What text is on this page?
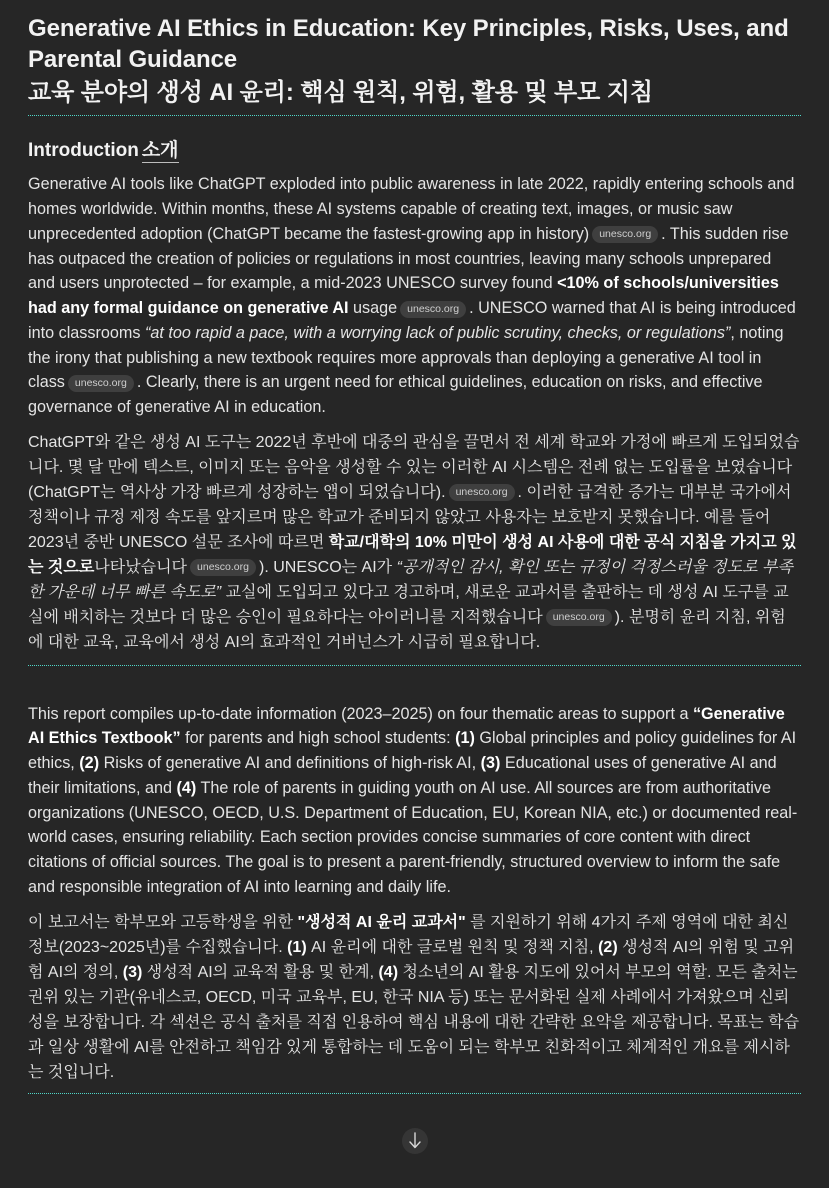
Generative AI Ethics in Education: Key Principles, Risks, Uses, and Parental Guidance
교육 분야의 생성 AI 윤리: 핵심 원칙, 위험, 활용 및 부모 지침
Introduction 소개

Generative AI tools like ChatGPT exploded into public awareness in late 2022, rapidly entering schools and homes worldwide. Within months, these AI systems capable of creating text, images, or music saw unprecedented adoption (ChatGPT became the fastest-growing app in history) unesco.org . This sudden rise has outpaced the creation of policies or regulations in most countries, leaving many schools unprepared and users unprotected – for example, a mid-2023 UNESCO survey found <10% of schools/universities had any formal guidance on generative AI usage unesco.org . UNESCO warned that AI is being introduced into classrooms “at too rapid a pace, with a worrying lack of public scrutiny, checks, or regulations”, noting the irony that publishing a new textbook requires more approvals than deploying a generative AI tool in class unesco.org . Clearly, there is an urgent need for ethical guidelines, education on risks, and effective governance of generative AI in education.

ChatGPT와 같은 생성 AI 도구는 2022년 후반에 대중의 관심을 끌면서 전 세계 학교와 가정에 빠르게 도입되었습니다. 몇 달 만에 텍스트, 이미지 또는 음악을 생성할 수 있는 이러한 AI 시스템은 전례 없는 도입률을 보였습니다(ChatGPT는 역사상 가장 빠르게 성장하는 앱이 되었습니다). unesco.org . 이러한 급격한 증가는 대부분 국가에서 정책이나 규정 제정 속도를 앞지르며 많은 학교가 준비되지 않았고 사용자는 보호받지 못했습니다. 예를 들어 2023년 중반 UNESCO 설문 조사에 따르면 학교/대학의 10% 미만이 생성 AI 사용에 대한 공식 지침을 가지고 있는 것으로나타났습니다 unesco.org ). UNESCO는 AI가 “공개적인 감시, 확인 또는 규정이 걱정스러울 정도로 부족한 가운데 너무 빠른 속도로” 교실에 도입되고 있다고 경고하며, 새로운 교과서를 출판하는 데 생성 AI 도구를 교실에 배치하는 것보다 더 많은 승인이 필요하다는 아이러니를 지적했습니다 unesco.org ). 분명히 윤리 지침, 위험에 대한 교육, 교육에서 생성 AI의 효과적인 거버넌스가 시급히 필요합니다.

This report compiles up-to-date information (2023–2025) on four thematic areas to support a “Generative AI Ethics Textbook” for parents and high school students: (1) Global principles and policy guidelines for AI ethics, (2) Risks of generative AI and definitions of high-risk AI, (3) Educational uses of generative AI and their limitations, and (4) The role of parents in guiding youth on AI use. All sources are from authoritative organizations (UNESCO, OECD, U.S. Department of Education, EU, Korean NIA, etc.) or documented real-world cases, ensuring reliability. Each section provides concise summaries of core content with direct citations of official sources. The goal is to present a parent-friendly, structured overview to inform the safe and responsible integration of AI into learning and daily life.

이 보고서는 학부모와 고등학생을 위한 "생성적 AI 윤리 교과서" 를 지원하기 위해 4가지 주제 영역에 대한 최신 정보(2023~2025년)를 수집했습니다. (1) AI 윤리에 대한 글로벌 원칙 및 정책 지침, (2) 생성적 AI의 위험 및 고위험 AI의 정의, (3) 생성적 AI의 교육적 활용 및 한계, (4) 청소년의 AI 활용 지도에 있어서 부모의 역할. 모든 출처는 권위 있는 기관(유네스코, OECD, 미국 교육부, EU, 한국 NIA 등) 또는 문서화된 실제 사례에서 가져왔으며 신뢰성을 보장합니다. 각 섹션은 공식 출처를 직접 인용하여 핵심 내용에 대한 간략한 요약을 제공합니다. 목표는 학습과 일상 생활에 AI를 안전하고 책임감 있게 통합하는 데 도움이 되는 학부모 친화적이고 체계적인 개요를 제시하는 것입니다.
